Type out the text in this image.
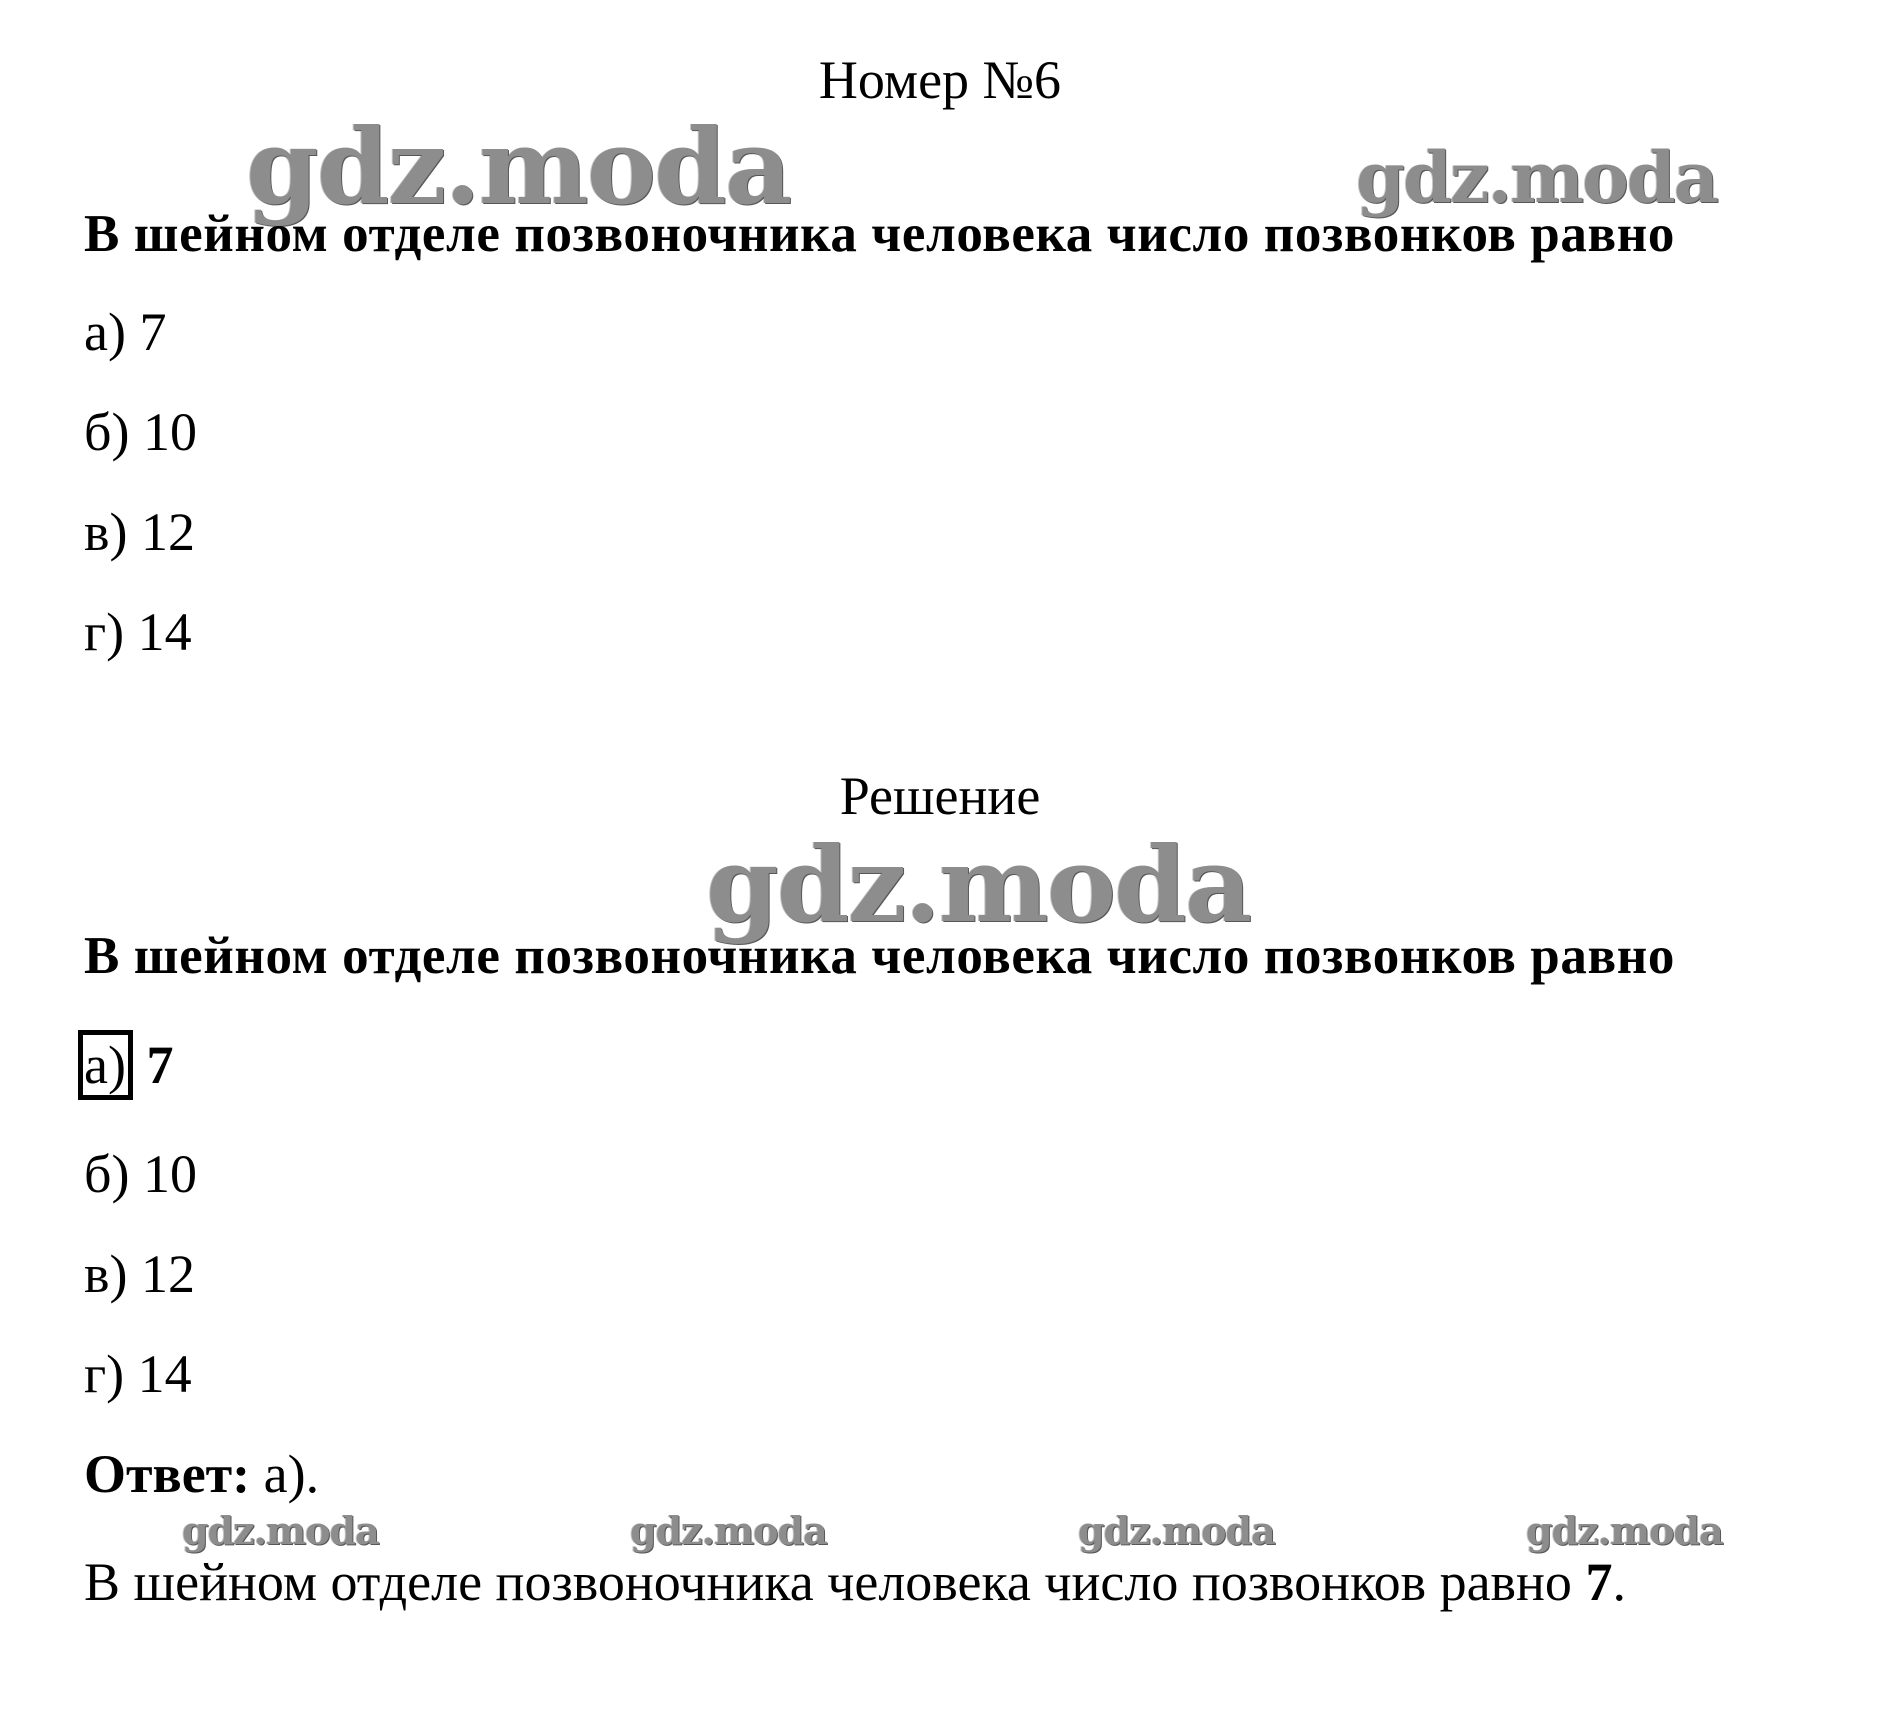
gdz.moda	gdz.moda
gdz.moda
gdz.moda	gdz.moda	gdz.moda	gdz.moda
Номер №6
В шейном отделе позвоночника человека число позвонков равно
а) 7
б) 10
в) 12
г) 14
Решение
В шейном отделе позвоночника человека число позвонков равно
а) 7
б) 10
в) 12
г) 14
Ответ: а).
В шейном отделе позвоночника человека число позвонков равно 7.
